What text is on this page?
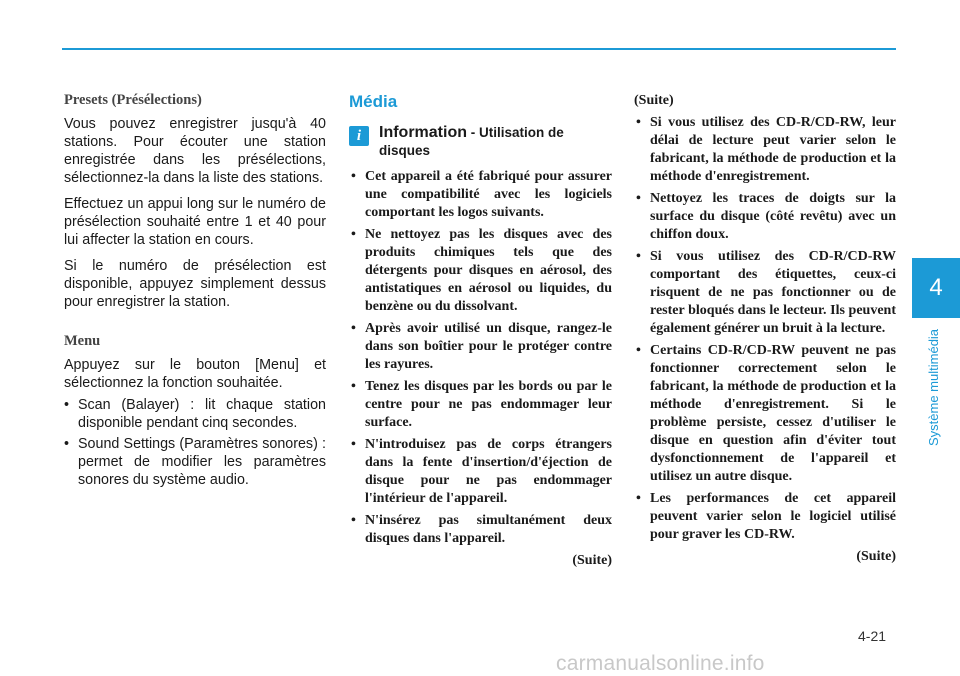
4
Système multimédia
Presets (Présélections)

Vous pouvez enregistrer jusqu'à 40 stations. Pour écouter une station enregistrée dans les présélections, sélectionnez-la dans la liste des stations.

Effectuez un appui long sur le numéro de présélection souhaité entre 1 et 40 pour lui affecter la station en cours.

Si le numéro de présélection est disponible, appuyez simplement dessus pour enregistrer la station.

Menu

Appuyez sur le bouton [Menu] et sélectionnez la fonction souhaitée.

• Scan (Balayer) : lit chaque station disponible pendant cinq secondes.
• Sound Settings (Paramètres sonores) : permet de modifier les paramètres sonores du système audio.
Média
i	Information - Utilisation de disques
• Cet appareil a été fabriqué pour assurer une compatibilité avec les logiciels comportant les logos suivants.
• Ne nettoyez pas les disques avec des produits chimiques tels que des détergents pour disques en aérosol, des antistatiques en aérosol ou liquides, du benzène ou du dissolvant.
• Après avoir utilisé un disque, rangez-le dans son boîtier pour le protéger contre les rayures.
• Tenez les disques par les bords ou par le centre pour ne pas endommager leur surface.
• N'introduisez pas de corps étrangers dans la fente d'insertion/d'éjection de disque pour ne pas endommager l'intérieur de l'appareil.
• N'insérez pas simultanément deux disques dans l'appareil.
(Suite)
(Suite)
• Si vous utilisez des CD-R/CD-RW, leur délai de lecture peut varier selon le fabricant, la méthode de production et la méthode d'enregistrement.
• Nettoyez les traces de doigts sur la surface du disque (côté revêtu) avec un chiffon doux.
• Si vous utilisez des CD-R/CD-RW comportant des étiquettes, ceux-ci risquent de ne pas fonctionner ou de rester bloqués dans le lecteur. Ils peuvent également générer un bruit à la lecture.
• Certains CD-R/CD-RW peuvent ne pas fonctionner correctement selon le fabricant, la méthode de production et la méthode d'enregistrement. Si le problème persiste, cessez d'utiliser le disque en question afin d'éviter tout dysfonctionnement de l'appareil et utilisez un autre disque.
• Les performances de cet appareil peuvent varier selon le logiciel utilisé pour graver les CD-RW.
(Suite)
4-21
carmanualsonline.info
